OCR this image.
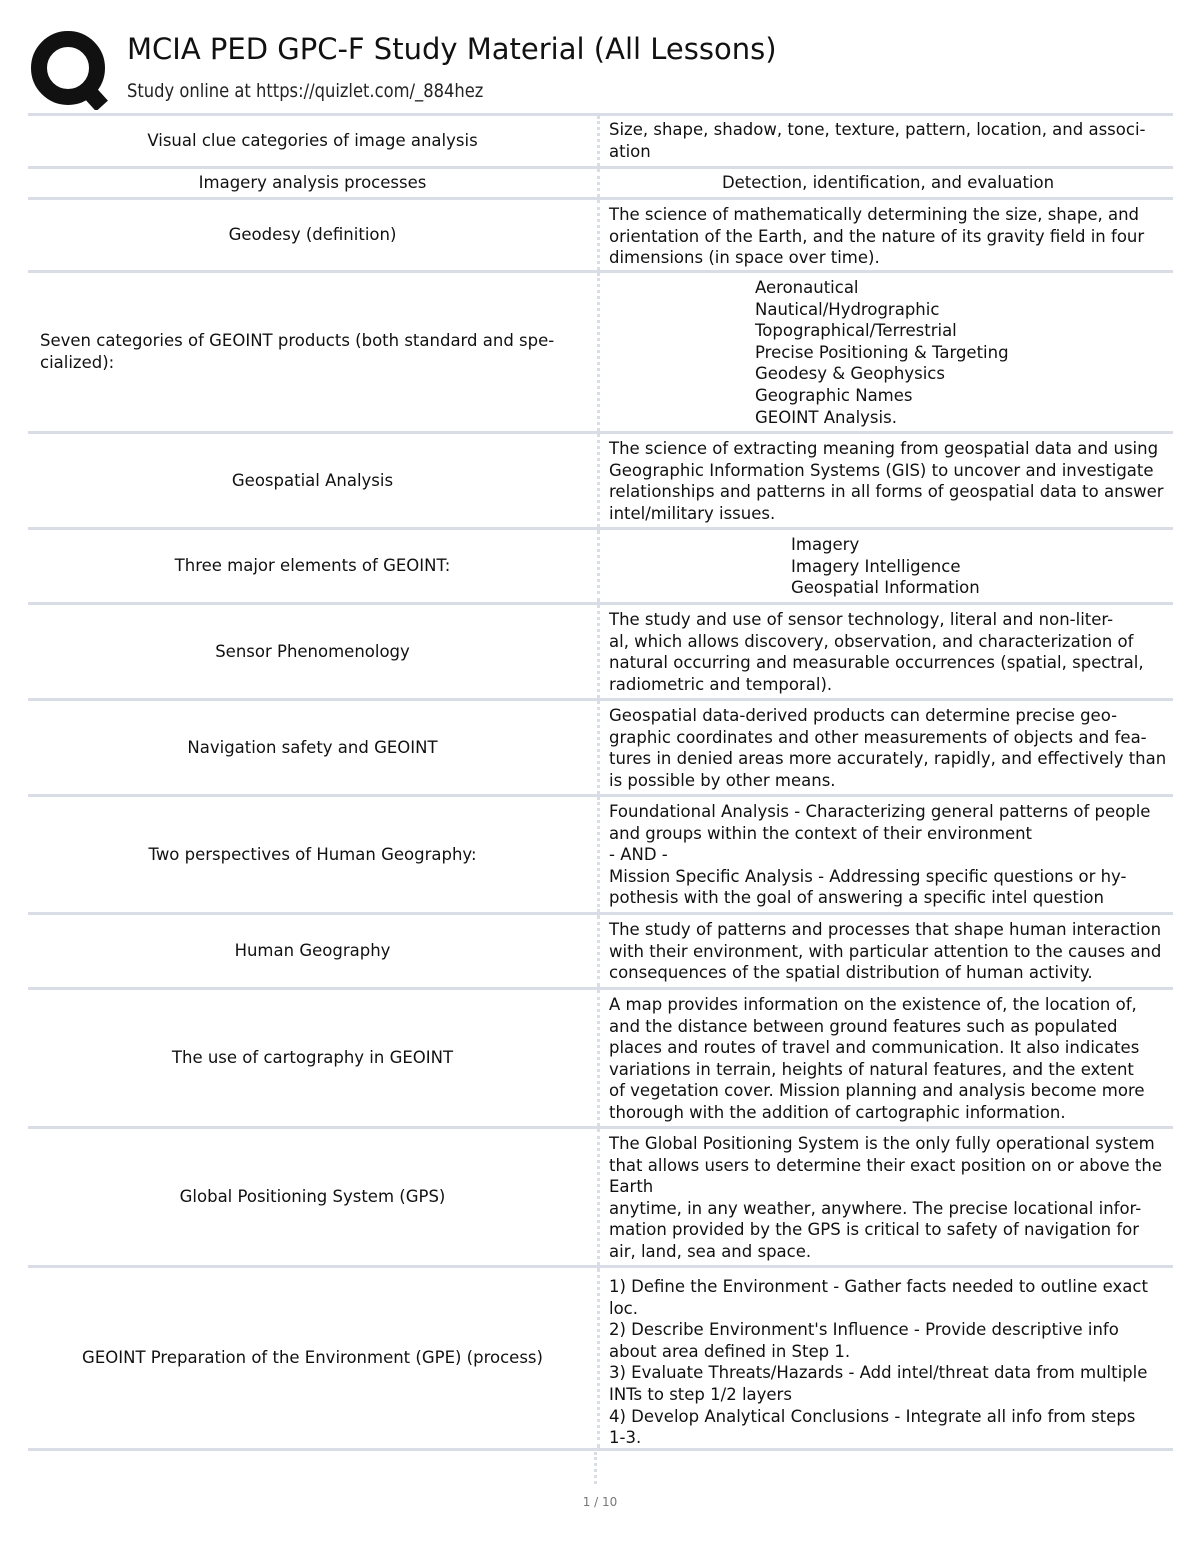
MCIA PED GPC-F Study Material (All Lessons)
Study online at https://quizlet.com/_884hez
Visual clue categories of image analysis
Size, shape, shadow, tone, texture, pattern, location, and associ-
ation
Imagery analysis processes	Detection, identification, and evaluation
Geodesy (definition)
The science of mathematically determining the size, shape, and
orientation of the Earth, and the nature of its gravity field in four
dimensions (in space over time).
Seven categories of GEOINT products (both standard and spe-
cialized):
Aeronautical
Nautical/Hydrographic
Topographical/Terrestrial
Precise Positioning & Targeting
Geodesy & Geophysics
Geographic Names
GEOINT Analysis.
Geospatial Analysis
The science of extracting meaning from geospatial data and using
Geographic Information Systems (GIS) to uncover and investigate
relationships and patterns in all forms of geospatial data to answer
intel/military issues.
Three major elements of GEOINT:
Imagery
Imagery Intelligence
Geospatial Information
Sensor Phenomenology
The study and use of sensor technology, literal and non-liter-
al, which allows discovery, observation, and characterization of
natural occurring and measurable occurrences (spatial, spectral,
radiometric and temporal).
Navigation safety and GEOINT
Geospatial data-derived products can determine precise geo-
graphic coordinates and other measurements of objects and fea-
tures in denied areas more accurately, rapidly, and effectively than
is possible by other means.
Two perspectives of Human Geography:
Foundational Analysis - Characterizing general patterns of people
and groups within the context of their environment
- AND -
Mission Specific Analysis - Addressing specific questions or hy-
pothesis with the goal of answering a specific intel question
Human Geography
The study of patterns and processes that shape human interaction
with their environment, with particular attention to the causes and
consequences of the spatial distribution of human activity.
The use of cartography in GEOINT
A map provides information on the existence of, the location of,
and the distance between ground features such as populated
places and routes of travel and communication. It also indicates
variations in terrain, heights of natural features, and the extent
of vegetation cover. Mission planning and analysis become more
thorough with the addition of cartographic information.
Global Positioning System (GPS)
The Global Positioning System is the only fully operational system
that allows users to determine their exact position on or above the
Earth
anytime, in any weather, anywhere. The precise locational infor-
mation provided by the GPS is critical to safety of navigation for
air, land, sea and space.
GEOINT Preparation of the Environment (GPE) (process)
1) Define the Environment - Gather facts needed to outline exact
loc.
2) Describe Environment's Influence - Provide descriptive info
about area defined in Step 1.
3) Evaluate Threats/Hazards - Add intel/threat data from multiple
INTs to step 1/2 layers
4) Develop Analytical Conclusions - Integrate all info from steps
1-3.
1 / 10
